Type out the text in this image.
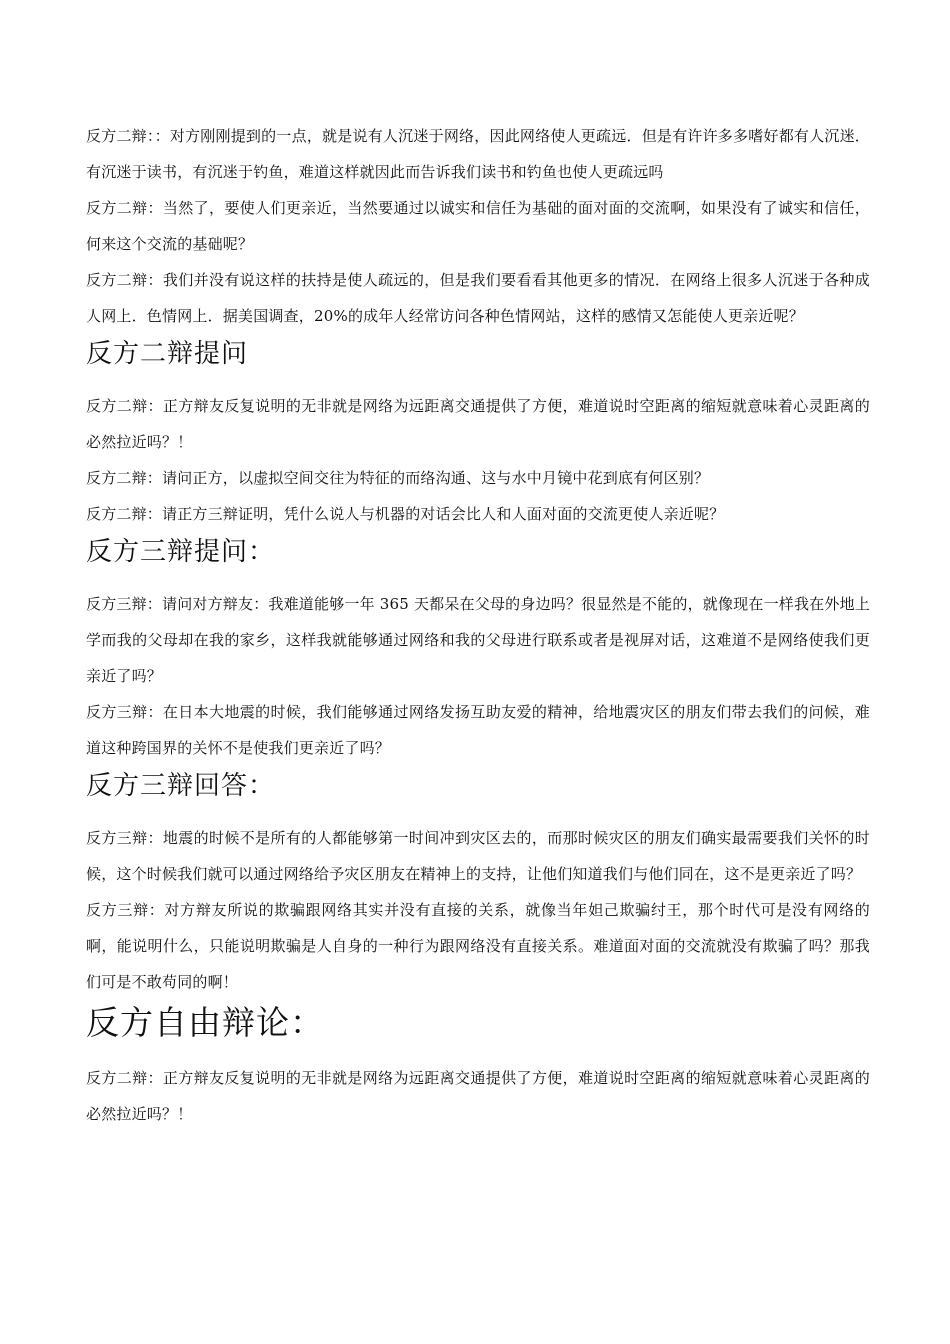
反方二辩：：对方刚刚提到的一点，就是说有人沉迷于网络，因此网络使人更疏远．但是有许许多多嗜好都有人沉迷．有沉迷于读书，有沉迷于钓鱼，难道这样就因此而告诉我们读书和钓鱼也使人更疏远吗

反方二辩：当然了，要使人们更亲近，当然要通过以诚实和信任为基础的面对面的交流啊，如果没有了诚实和信任，何来这个交流的基础呢？

反方二辩：我们并没有说这样的扶持是使人疏远的，但是我们要看看其他更多的情况．在网络上很多人沉迷于各种成人网上．色情网上．据美国调查，20%的成年人经常访问各种色情网站，这样的感情又怎能使人更亲近呢？

反方二辩提问

反方二辩：正方辩友反复说明的无非就是网络为远距离交通提供了方便，难道说时空距离的缩短就意味着心灵距离的必然拉近吗？！

反方二辩：请问正方，以虚拟空间交往为特征的而络沟通、这与水中月镜中花到底有何区别？

反方二辩：请正方三辩证明，凭什么说人与机器的对话会比人和人面对面的交流更使人亲近呢？

反方三辩提问：

反方三辩：请问对方辩友：我难道能够一年 365 天都呆在父母的身边吗？很显然是不能的，就像现在一样我在外地上学而我的父母却在我的家乡，这样我就能够通过网络和我的父母进行联系或者是视屏对话，这难道不是网络使我们更亲近了吗？

反方三辩：在日本大地震的时候，我们能够通过网络发扬互助友爱的精神，给地震灾区的朋友们带去我们的问候，难道这种跨国界的关怀不是使我们更亲近了吗？

反方三辩回答：

反方三辩：地震的时候不是所有的人都能够第一时间冲到灾区去的，而那时候灾区的朋友们确实最需要我们关怀的时候，这个时候我们就可以通过网络给予灾区朋友在精神上的支持，让他们知道我们与他们同在，这不是更亲近了吗？

反方三辩：对方辩友所说的欺骗跟网络其实并没有直接的关系，就像当年妲己欺骗纣王，那个时代可是没有网络的啊，能说明什么，只能说明欺骗是人自身的一种行为跟网络没有直接关系。难道面对面的交流就没有欺骗了吗？那我们可是不敢苟同的啊！

反方自由辩论：

反方二辩：正方辩友反复说明的无非就是网络为远距离交通提供了方便，难道说时空距离的缩短就意味着心灵距离的必然拉近吗？！
